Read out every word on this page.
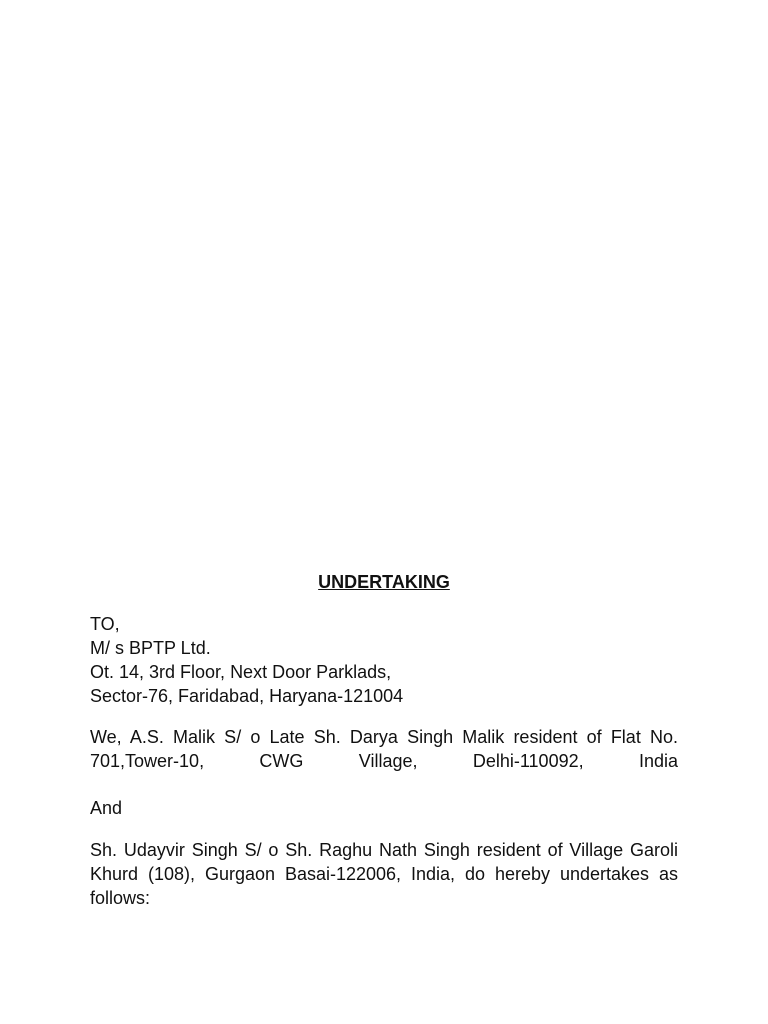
UNDERTAKING
TO,
M/ s BPTP Ltd.
Ot. 14, 3rd Floor, Next Door Parklads,
Sector-76, Faridabad, Haryana-121004
We, A.S. Malik S/ o Late Sh. Darya Singh Malik resident of Flat No. 701,Tower-10, CWG Village, Delhi-110092, India
And
Sh. Udayvir Singh S/ o Sh. Raghu Nath Singh resident of Village Garoli Khurd (108), Gurgaon Basai-122006, India, do hereby undertakes as follows:
